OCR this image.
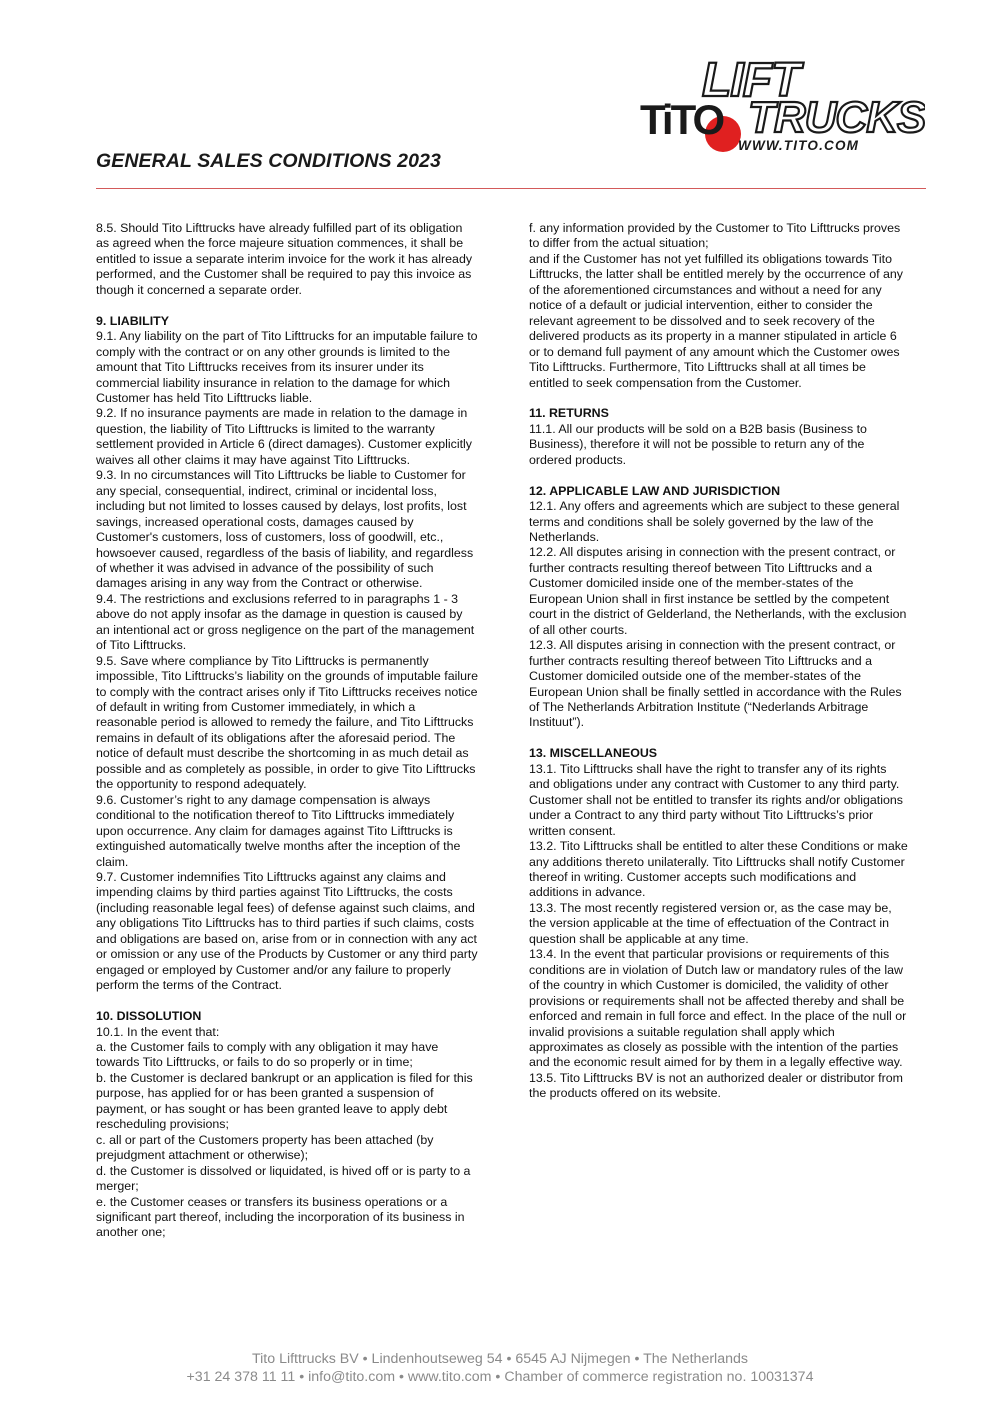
LIFT
TRUCKS
TiTO
WWW.TITO.COM
GENERAL SALES CONDITIONS 2023

8.5. Should Tito Lifttrucks have already fulfilled part of its obligation as agreed when the force majeure situation commences, it shall be entitled to issue a separate interim invoice for the work it has already performed, and the Customer shall be required to pay this invoice as though it concerned a separate order.

9. LIABILITY

9.1. Any liability on the part of Tito Lifttrucks for an imputable failure to comply with the contract or on any other grounds is limited to the amount that Tito Lifttrucks receives from its insurer under its commercial liability insurance in relation to the damage for which Customer has held Tito Lifttrucks liable.

9.2. If no insurance payments are made in relation to the damage in question, the liability of Tito Lifttrucks is limited to the warranty settlement provided in Article 6 (direct damages). Customer explicitly waives all other claims it may have against Tito Lifttrucks.

9.3. In no circumstances will Tito Lifttrucks be liable to Customer for any special, consequential, indirect, criminal or incidental loss, including but not limited to losses caused by delays, lost profits, lost savings, increased operational costs, damages caused by Customer's customers, loss of customers, loss of goodwill, etc., howsoever caused, regardless of the basis of liability, and regardless of whether it was advised in advance of the possibility of such damages arising in any way from the Contract or otherwise.

9.4. The restrictions and exclusions referred to in paragraphs 1 - 3 above do not apply insofar as the damage in question is caused by an intentional act or gross negligence on the part of the management of Tito Lifttrucks.

9.5. Save where compliance by Tito Lifttrucks is permanently impossible, Tito Lifttrucks’s liability on the grounds of imputable failure to comply with the contract arises only if Tito Lifttrucks receives notice of default in writing from Customer immediately, in which a reasonable period is allowed to remedy the failure, and Tito Lifttrucks remains in default of its obligations after the aforesaid period. The notice of default must describe the shortcoming in as much detail as possible and as completely as possible, in order to give Tito Lifttrucks the opportunity to respond adequately.

9.6. Customer’s right to any damage compensation is always conditional to the notification thereof to Tito Lifttrucks immediately upon occurrence. Any claim for damages against Tito Lifttrucks is extinguished automatically twelve months after the inception of the claim.

9.7. Customer indemnifies Tito Lifttrucks against any claims and impending claims by third parties against Tito Lifttrucks, the costs (including reasonable legal fees) of defense against such claims, and any obligations Tito Lifttrucks has to third parties if such claims, costs and obligations are based on, arise from or in connection with any act or omission or any use of the Products by Customer or any third party engaged or employed by Customer and/or any failure to properly perform the terms of the Contract.

10. DISSOLUTION

10.1. In the event that:

a. the Customer fails to comply with any obligation it may have towards Tito Lifttrucks, or fails to do so properly or in time;

b. the Customer is declared bankrupt or an application is filed for this purpose, has applied for or has been granted a suspension of payment, or has sought or has been granted leave to apply debt rescheduling provisions;

c. all or part of the Customers property has been attached (by prejudgment attachment or otherwise);

d. the Customer is dissolved or liquidated, is hived off or is party to a merger;

e. the Customer ceases or transfers its business operations or a significant part thereof, including the incorporation of its business in another one;

f. any information provided by the Customer to Tito Lifttrucks proves to differ from the actual situation;

and if the Customer has not yet fulfilled its obligations towards Tito Lifttrucks, the latter shall be entitled merely by the occurrence of any of the aforementioned circumstances and without a need for any notice of a default or judicial intervention, either to consider the relevant agreement to be dissolved and to seek recovery of the delivered products as its property in a manner stipulated in article 6 or to demand full payment of any amount which the Customer owes Tito Lifttrucks. Furthermore, Tito Lifttrucks shall at all times be entitled to seek compensation from the Customer.

11. RETURNS

11.1. All our products will be sold on a B2B basis (Business to Business), therefore it will not be possible to return any of the ordered products.

12. APPLICABLE LAW AND JURISDICTION

12.1. Any offers and agreements which are subject to these general terms and conditions shall be solely governed by the law of the Netherlands.

12.2. All disputes arising in connection with the present contract, or further contracts resulting thereof between Tito Lifttrucks and a Customer domiciled inside one of the member-states of the European Union shall in first instance be settled by the competent court in the district of Gelderland, the Netherlands, with the exclusion of all other courts.

12.3. All disputes arising in connection with the present contract, or further contracts resulting thereof between Tito Lifttrucks and a Customer domiciled outside one of the member-states of the European Union shall be finally settled in accordance with the Rules of The Netherlands Arbitration Institute (“Nederlands Arbitrage Instituut”).

13. MISCELLANEOUS

13.1. Tito Lifttrucks shall have the right to transfer any of its rights and obligations under any contract with Customer to any third party. Customer shall not be entitled to transfer its rights and/or obligations under a Contract to any third party without Tito Lifttrucks’s prior written consent.

13.2. Tito Lifttrucks shall be entitled to alter these Conditions or make any additions thereto unilaterally. Tito Lifttrucks shall notify Customer thereof in writing. Customer accepts such modifications and additions in advance.

13.3. The most recently registered version or, as the case may be, the version applicable at the time of effectuation of the Contract in question shall be applicable at any time.

13.4. In the event that particular provisions or requirements of this conditions are in violation of Dutch law or mandatory rules of the law of the country in which Customer is domiciled, the validity of other provisions or requirements shall not be affected thereby and shall be enforced and remain in full force and effect. In the place of the null or invalid provisions a suitable regulation shall apply which approximates as closely as possible with the intention of the parties and the economic result aimed for by them in a legally effective way.

13.5. Tito Lifttrucks BV is not an authorized dealer or distributor from the products offered on its website.

Tito Lifttrucks BV • Lindenhoutseweg 54 • 6545 AJ Nijmegen • The Netherlands
+31 24 378 11 11 • info@tito.com • www.tito.com • Chamber of commerce registration no. 10031374
